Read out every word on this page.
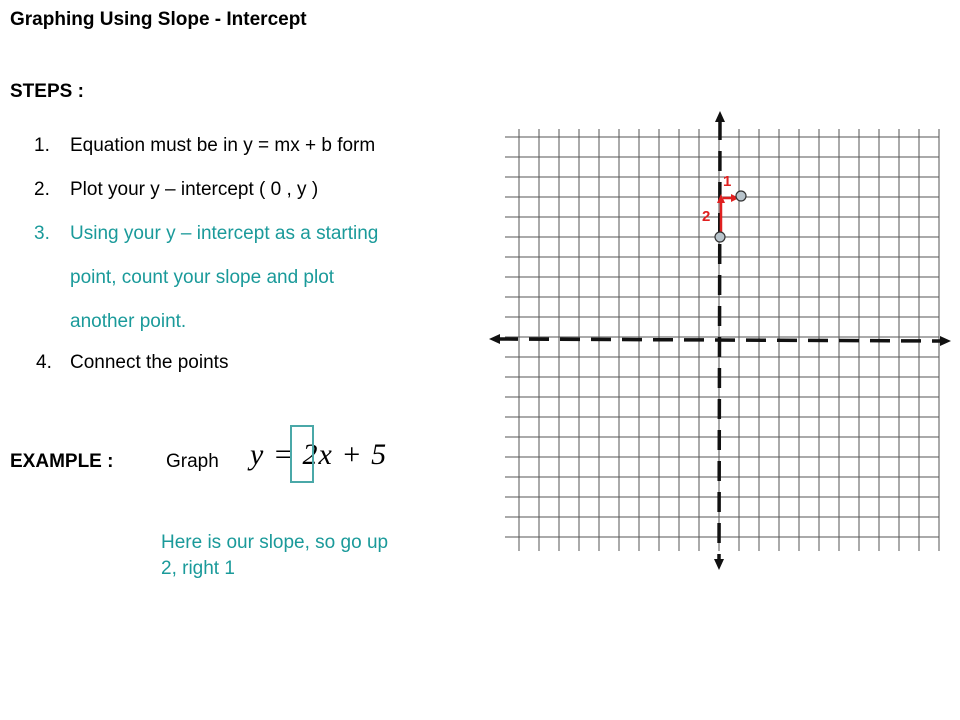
Graphing Using Slope - Intercept
STEPS :
1. Equation must be in y = mx + b form
2. Plot your y – intercept ( 0 , y )
3. Using your y – intercept as a starting
point, count your slope and plot
another point.
4. Connect the points
EXAMPLE :	Graph y = 2x + 5
Here is our slope, so go up 2, right 1
2
1
